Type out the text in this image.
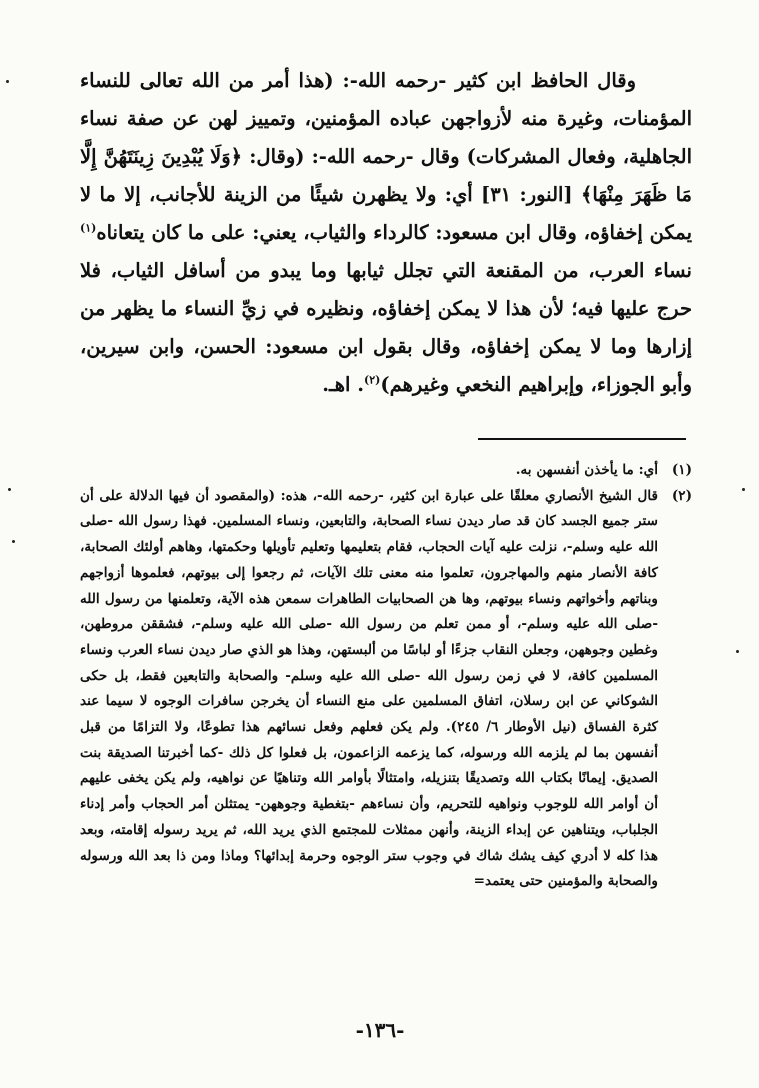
وقال الحافظ ابن كثير -رحمه الله-: (هذا أمر من الله تعالى للنساء المؤمنات، وغيرة منه لأزواجهن عباده المؤمنين، وتمييز لهن عن صفة نساء الجاهلية، وفعال المشركات) وقال -رحمه الله-: (وقال: ﴿وَلَا يُبْدِينَ زِينَتَهُنَّ إِلَّا مَا ظَهَرَ مِنْهَا﴾ [النور: ٣١] أي: ولا يظهرن شيئًا من الزينة للأجانب، إلا ما لا يمكن إخفاؤه، وقال ابن مسعود: كالرداء والثياب، يعني: على ما كان يتعاناه$^{(١)}$ نساء العرب، من المقنعة التي تجلل ثيابها وما يبدو من أسافل الثياب، فلا حرج عليها فيه؛ لأن هذا لا يمكن إخفاؤه، ونظيره في زيِّ النساء ما يظهر من إزارها وما لا يمكن إخفاؤه، وقال بقول ابن مسعود: الحسن، وابن سيرين، وأبو الجوزاء، وإبراهيم النخعي وغيرهم)$^{(٢)}$. اهـ.

(١)
أي: ما يأخذن أنفسهن به.
(٢)
قال الشيخ الأنصاري معلقًا على عبارة ابن كثير، -رحمه الله-، هذه: (والمقصود أن فيها الدلالة على أن ستر جميع الجسد كان قد صار ديدن نساء الصحابة، والتابعين، ونساء المسلمين. فهذا رسول الله -صلى الله عليه وسلم-، نزلت عليه آيات الحجاب، فقام بتعليمها وتعليم تأويلها وحكمتها، وهاهم أولئك الصحابة، كافة الأنصار منهم والمهاجرون، تعلموا منه معنى تلك الآيات، ثم رجعوا إلى بيوتهم، فعلموها أزواجهم وبناتهم وأخواتهم ونساء بيوتهم، وها هن الصحابيات الطاهرات سمعن هذه الآية، وتعلمنها من رسول الله -صلى الله عليه وسلم-، أو ممن تعلم من رسول الله -صلى الله عليه وسلم-، فشققن مروطهن، وغطين وجوههن، وجعلن النقاب جزءًا أو لباسًا من ألبستهن، وهذا هو الذي صار ديدن نساء العرب ونساء المسلمين كافة، لا في زمن رسول الله -صلى الله عليه وسلم- والصحابة والتابعين فقط، بل حكى الشوكاني عن ابن رسلان، اتفاق المسلمين على منع النساء أن يخرجن سافرات الوجوه لا سيما عند كثرة الفساق (نيل الأوطار ٦/ ٢٤٥). ولم يكن فعلهم وفعل نسائهم هذا تطوعًا، ولا التزامًا من قبل أنفسهن بما لم يلزمه الله ورسوله، كما يزعمه الزاعمون، بل فعلوا كل ذلك -كما أخبرتنا الصديقة بنت الصديق. إيمانًا بكتاب الله وتصديقًا بتنزيله، وامتثالًا بأوامر الله وتناهيًا عن نواهيه، ولم يكن يخفى عليهم أن أوامر الله للوجوب ونواهيه للتحريم، وأن نساءهم -بتغطية وجوههن- يمتثلن أمر الحجاب وأمر إدناء الجلباب، ويتناهين عن إبداء الزينة، وأنهن ممثلات للمجتمع الذي يريد الله، ثم يريد رسوله إقامته، وبعد هذا كله لا أدري كيف يشك شاك في وجوب ستر الوجوه وحرمة إبدائها؟ وماذا ومن ذا بعد الله ورسوله والصحابة والمؤمنين حتى يعتمد=
-١٣٦-
